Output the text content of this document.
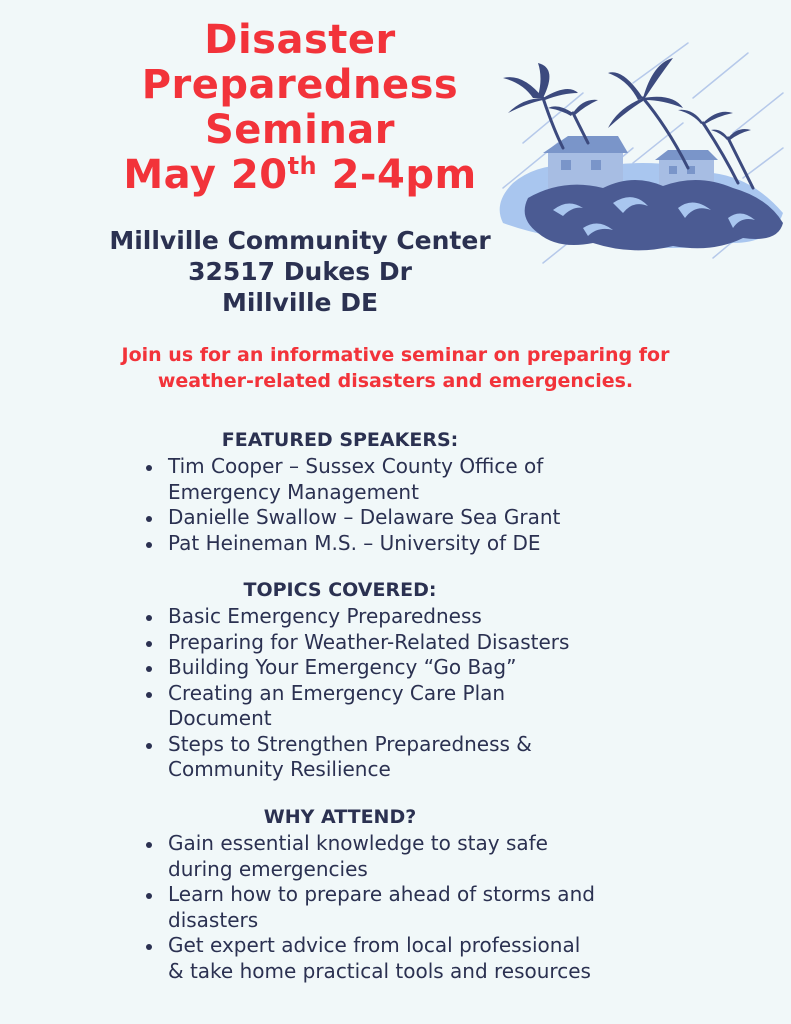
Disaster
Preparedness
Seminar
May 20th 2-4pm
Millville Community Center
32517 Dukes Dr
Millville DE
Join us for an informative seminar on preparing for
weather-related disasters and emergencies.
FEATURED SPEAKERS:
Tim Cooper – Sussex County Office of
Emergency Management
Danielle Swallow – Delaware Sea Grant
Pat Heineman M.S. – University of DE
TOPICS COVERED:
Basic Emergency Preparedness
Preparing for Weather-Related Disasters
Building Your Emergency “Go Bag”
Creating an Emergency Care Plan
Document
Steps to Strengthen Preparedness &
Community Resilience
WHY ATTEND?
Gain essential knowledge to stay safe
during emergencies
Learn how to prepare ahead of storms and
disasters
Get expert advice from local professional
& take home practical tools and resources
